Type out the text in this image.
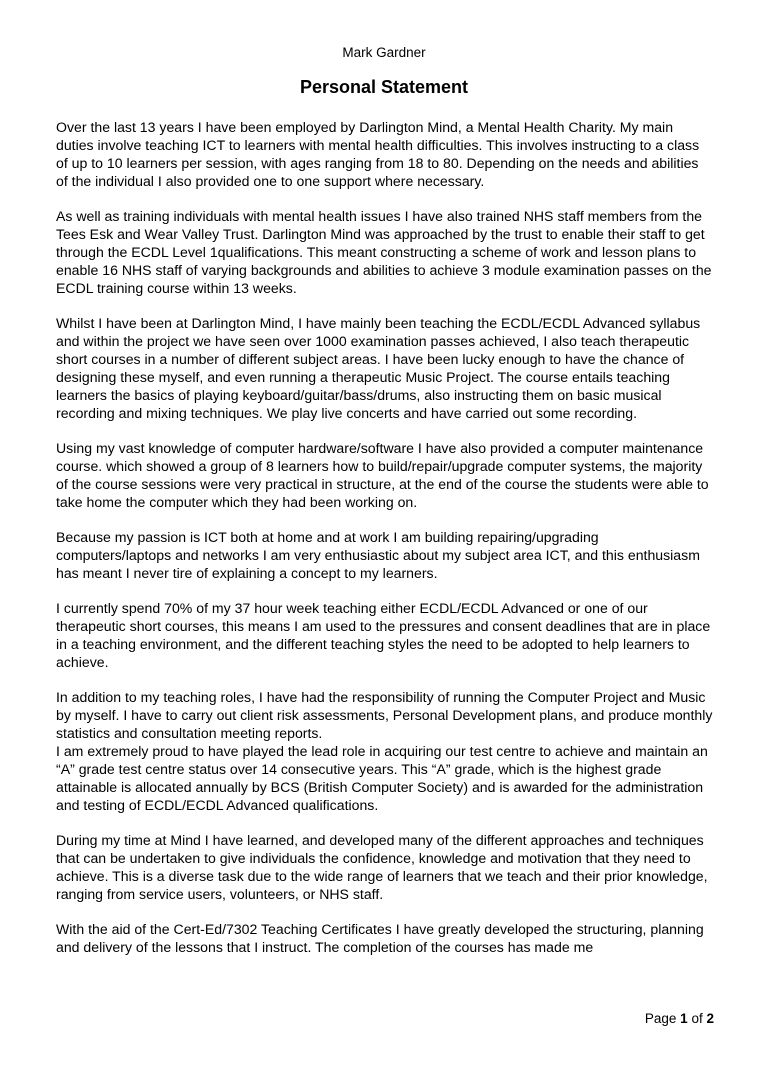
Mark Gardner
Personal Statement

Over the last 13 years I have been employed by Darlington Mind, a Mental Health Charity. My main duties involve teaching ICT to learners with mental health difficulties. This involves instructing to a class of up to 10 learners per session, with ages ranging from 18 to 80. Depending on the needs and abilities of the individual I also provided one to one support where necessary.

As well as training individuals with mental health issues I have also trained NHS staff members from the Tees Esk and Wear Valley Trust. Darlington Mind was approached by the trust to enable their staff to get through the ECDL Level 1qualifications. This meant constructing a scheme of work and lesson plans to enable 16 NHS staff of varying backgrounds and abilities to achieve 3 module examination passes on the ECDL training course within 13 weeks.

Whilst I have been at Darlington Mind, I have mainly been teaching the ECDL/ECDL Advanced syllabus and within the project we have seen over 1000 examination passes achieved, I also teach therapeutic short courses in a number of different subject areas. I have been lucky enough to have the chance of designing these myself, and even running a therapeutic Music Project. The course entails teaching learners the basics of playing keyboard/guitar/bass/drums, also instructing them on basic musical recording and mixing techniques. We play live concerts and have carried out some recording.

Using my vast knowledge of computer hardware/software I have also provided a computer maintenance course. which showed a group of 8 learners how to build/repair/upgrade computer systems, the majority of the course sessions were very practical in structure, at the end of the course the students were able to take home the computer which they had been working on.

Because my passion is ICT both at home and at work I am building repairing/upgrading computers/laptops and networks I am very enthusiastic about my subject area ICT, and this enthusiasm has meant I never tire of explaining a concept to my learners.

I currently spend 70% of my 37 hour week teaching either ECDL/ECDL Advanced or one of our therapeutic short courses, this means I am used to the pressures and consent deadlines that are in place in a teaching environment, and the different teaching styles the need to be adopted to help learners to achieve.

In addition to my teaching roles, I have had the responsibility of running the Computer Project and Music by myself. I have to carry out client risk assessments, Personal Development plans, and produce monthly statistics and consultation meeting reports.

I am extremely proud to have played the lead role in acquiring our test centre to achieve and maintain an “A” grade test centre status over 14 consecutive years. This “A” grade, which is the highest grade attainable is allocated annually by BCS (British Computer Society) and is awarded for the administration and testing of ECDL/ECDL Advanced qualifications.

During my time at Mind I have learned, and developed many of the different approaches and techniques that can be undertaken to give individuals the confidence, knowledge and motivation that they need to achieve. This is a diverse task due to the wide range of learners that we teach and their prior knowledge, ranging from service users, volunteers, or NHS staff.

With the aid of the Cert-Ed/7302 Teaching Certificates I have greatly developed the structuring, planning and delivery of the lessons that I instruct. The completion of the courses has made me

Page 1 of 2
